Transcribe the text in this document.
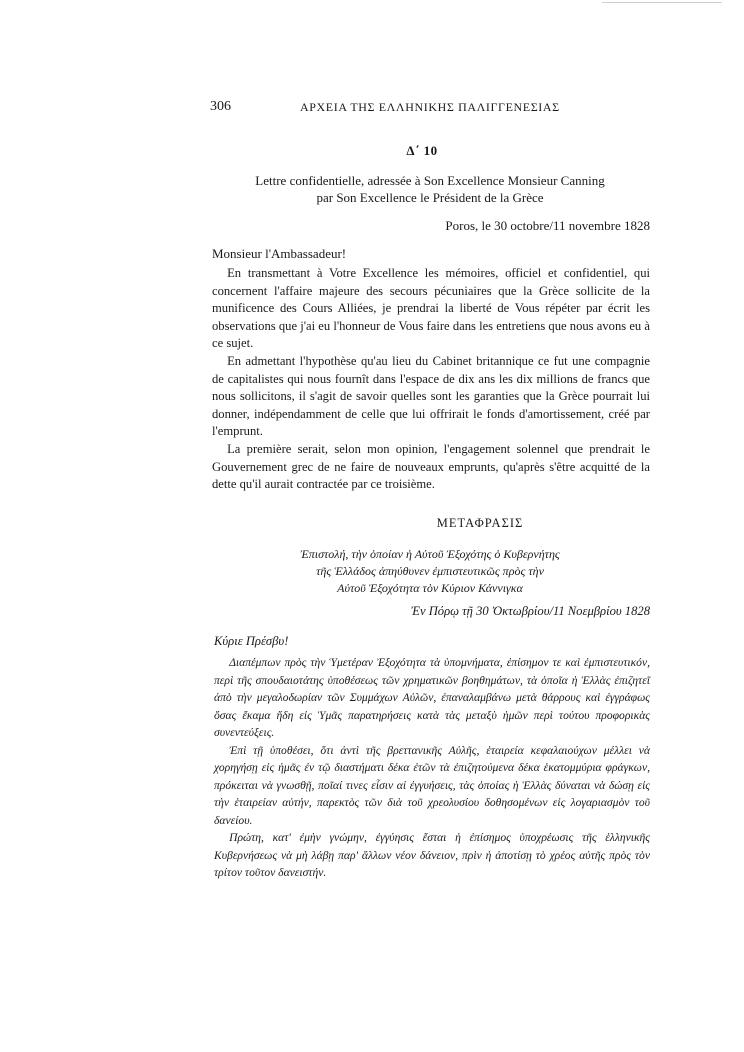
306	ΑΡΧΕΙΑ ΤΗΣ ΕΛΛΗΝΙΚΗΣ ΠΑΛΙΓΓΕΝΕΣΙΑΣ
Δ΄ 10
Lettre confidentielle, adressée à Son Excellence Monsieur Canning
par Son Excellence le Président de la Grèce
Poros, le 30 octobre/11 novembre 1828
Monsieur l'Ambassadeur!

En transmettant à Votre Excellence les mémoires, officiel et confidentiel, qui concernent l'affaire majeure des secours pécuniaires que la Grèce sollicite de la munificence des Cours Alliées, je prendrai la liberté de Vous répéter par écrit les observations que j'ai eu l'honneur de Vous faire dans les entretiens que nous avons eu à ce sujet.

En admettant l'hypothèse qu'au lieu du Cabinet britannique ce fut une compagnie de capitalistes qui nous fournît dans l'espace de dix ans les dix millions de francs que nous sollicitons, il s'agit de savoir quelles sont les garanties que la Grèce pourrait lui donner, indépendamment de celle que lui offrirait le fonds d'amortissement, créé par l'emprunt.

La première serait, selon mon opinion, l'engagement solennel que prendrait le Gouvernement grec de ne faire de nouveaux emprunts, qu'après s'être acquitté de la dette qu'il aurait contractée par ce troisième.

ΜΕΤΑΦΡΑΣΙΣ
Ἐπιστολή, τὴν ὁποίαν ἡ Αὐτοῦ Ἐξοχότης ὁ Κυβερνήτης
τῆς Ἑλλάδος ἀπηύθυνεν ἐμπιστευτικῶς πρὸς τὴν
Αὐτοῦ Ἐξοχότητα τὸν Κύριον Κάννιγκα
Ἐν Πόρῳ τῇ 30 Ὀκτωβρίου/11 Νοεμβρίου 1828
Κύριε Πρέσβυ!

Διαπέμπων πρὸς τὴν Ὑμετέραν Ἐξοχότητα τὰ ὑπομνήματα, ἐπίσημον τε καὶ ἐμπιστευτικόν, περὶ τῆς σπουδαιοτάτης ὑποθέσεως τῶν χρηματικῶν βοηθημάτων, τὰ ὁποῖα ἡ Ἑλλὰς ἐπιζητεῖ ἀπὸ τὴν μεγαλοδωρίαν τῶν Συμμάχων Αὐλῶν, ἐπαναλαμβάνω μετὰ θάρρους καὶ ἐγγράφως ὅσας ἔκαμα ἤδη εἰς Ὑμᾶς παρατηρήσεις κατὰ τὰς μεταξὺ ἡμῶν περὶ τούτου προφορικὰς συνεντεύξεις.

Ἐπὶ τῇ ὑποθέσει, ὅτι ἀντὶ τῆς βρεττανικῆς Αὐλῆς, ἑταιρεία κεφαλαιούχων μέλλει νὰ χορηγήσῃ εἰς ἡμᾶς ἐν τῷ διαστήματι δέκα ἐτῶν τὰ ἐπιζητούμενα δέκα ἑκατομμύρια φράγκων, πρόκειται νὰ γνωσθῇ, ποῖαί τινες εἶσιν αἱ ἐγγυήσεις, τὰς ὁποίας ἡ Ἑλλὰς δύναται νὰ δώσῃ εἰς τὴν ἑταιρείαν αὐτήν, παρεκτὸς τῶν διὰ τοῦ χρεολυσίου δοθησομένων εἰς λογαριασμὸν τοῦ δανείου.

Πρώτη, κατ' ἐμὴν γνώμην, ἐγγύησις ἔσται ἡ ἐπίσημος ὑποχρέωσις τῆς ἑλληνικῆς Κυβερνήσεως νὰ μὴ λάβῃ παρ' ἄλλων νέον δάνειον, πρὶν ἡ ἀποτίσῃ τὸ χρέος αὐτῆς πρὸς τὸν τρίτον τοῦτον δανειστήν.
